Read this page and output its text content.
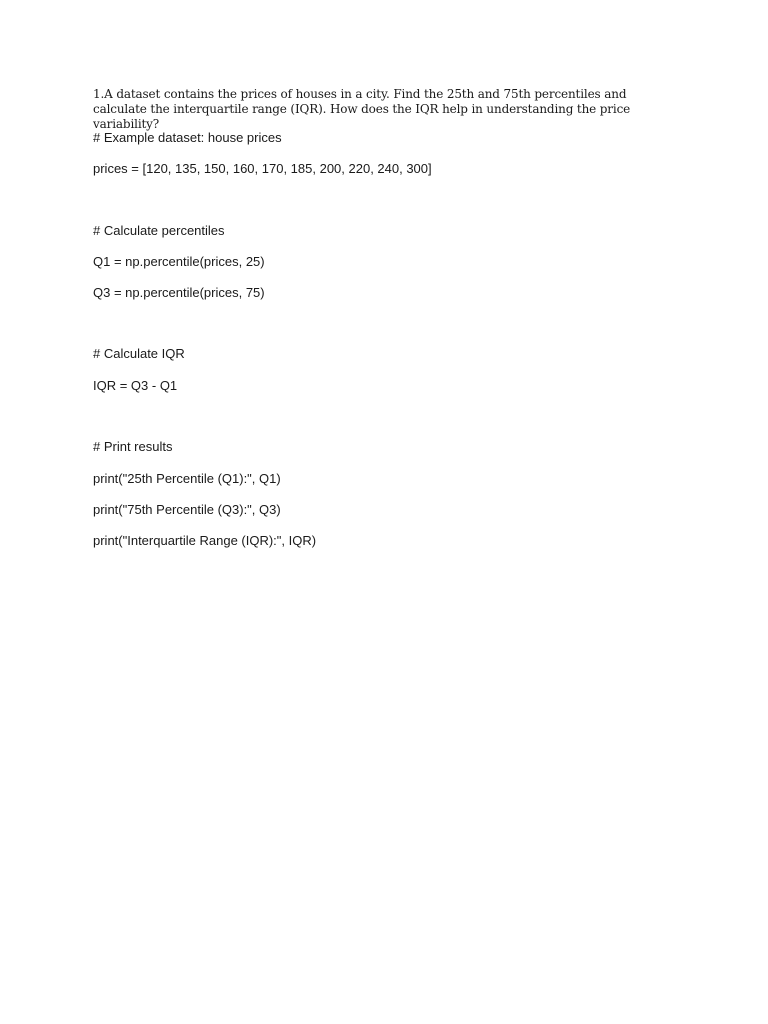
1.A dataset contains the prices of houses in a city. Find the 25th and 75th percentiles and calculate the interquartile range (IQR). How does the IQR help in understanding the price variability?

# Example dataset: house prices

prices = [120, 135, 150, 160, 170, 185, 200, 220, 240, 300]

# Calculate percentiles

Q1 = np.percentile(prices, 25)

Q3 = np.percentile(prices, 75)

# Calculate IQR

IQR = Q3 - Q1

# Print results

print("25th Percentile (Q1):", Q1)

print("75th Percentile (Q3):", Q3)

print("Interquartile Range (IQR):", IQR)
